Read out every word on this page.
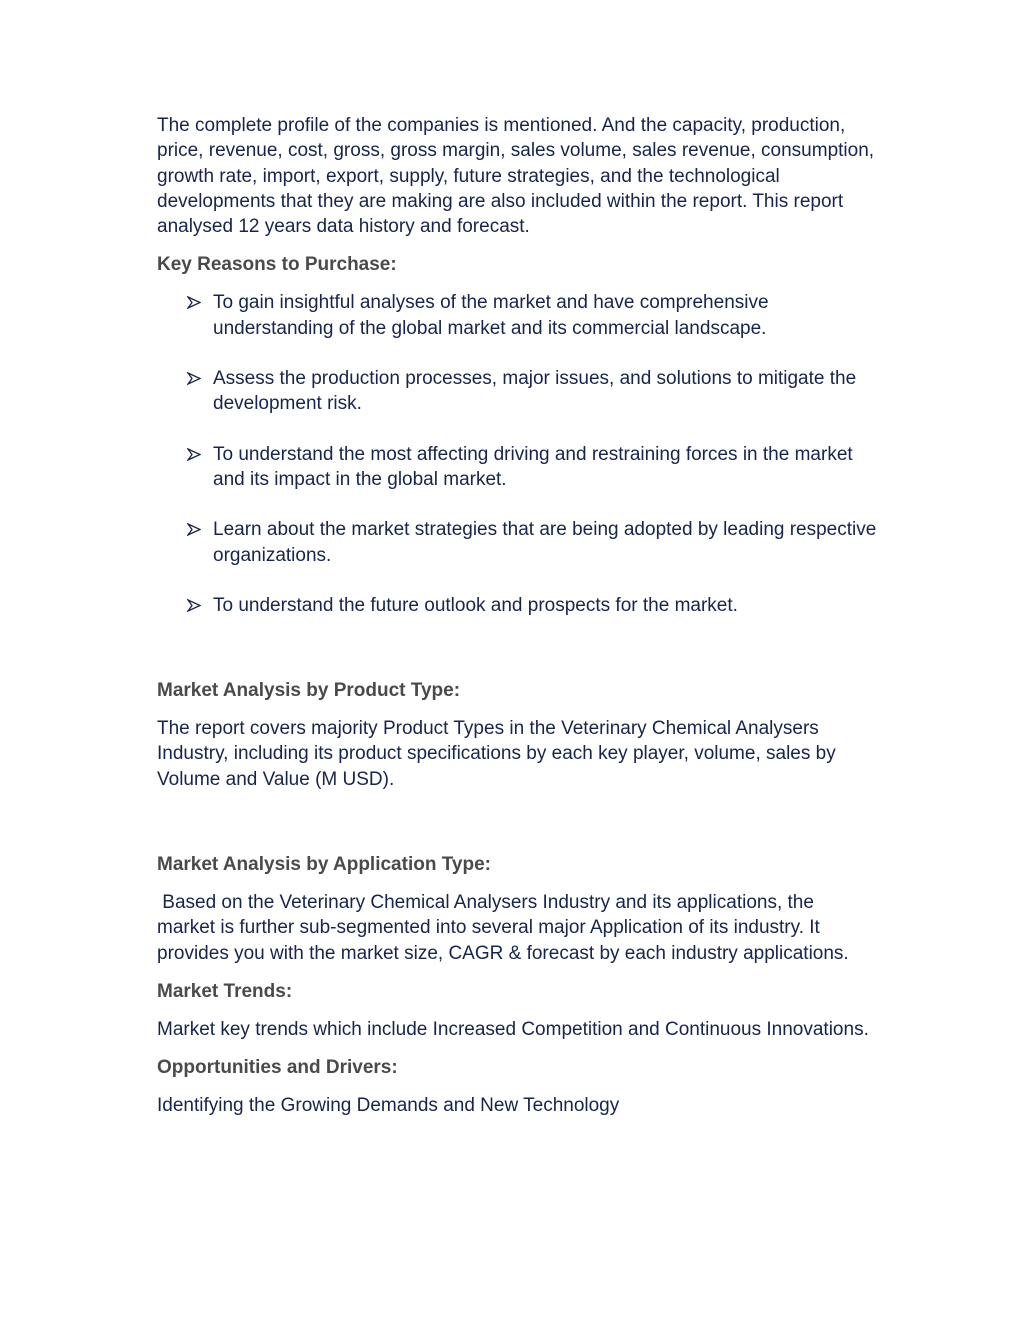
The complete profile of the companies is mentioned. And the capacity, production, price, revenue, cost, gross, gross margin, sales volume, sales revenue, consumption, growth rate, import, export, supply, future strategies, and the technological developments that they are making are also included within the report. This report analysed 12 years data history and forecast.

Key Reasons to Purchase:

To gain insightful analyses of the market and have comprehensive understanding of the global market and its commercial landscape.
Assess the production processes, major issues, and solutions to mitigate the development risk.
To understand the most affecting driving and restraining forces in the market and its impact in the global market.
Learn about the market strategies that are being adopted by leading respective organizations.
To understand the future outlook and prospects for the market.

Market Analysis by Product Type:

The report covers majority Product Types in the Veterinary Chemical Analysers Industry, including its product specifications by each key player, volume, sales by Volume and Value (M USD).

Market Analysis by Application Type:

Based on the Veterinary Chemical Analysers Industry and its applications, the market is further sub-segmented into several major Application of its industry. It provides you with the market size, CAGR & forecast by each industry applications.

Market Trends:

Market key trends which include Increased Competition and Continuous Innovations.

Opportunities and Drivers:

Identifying the Growing Demands and New Technology
